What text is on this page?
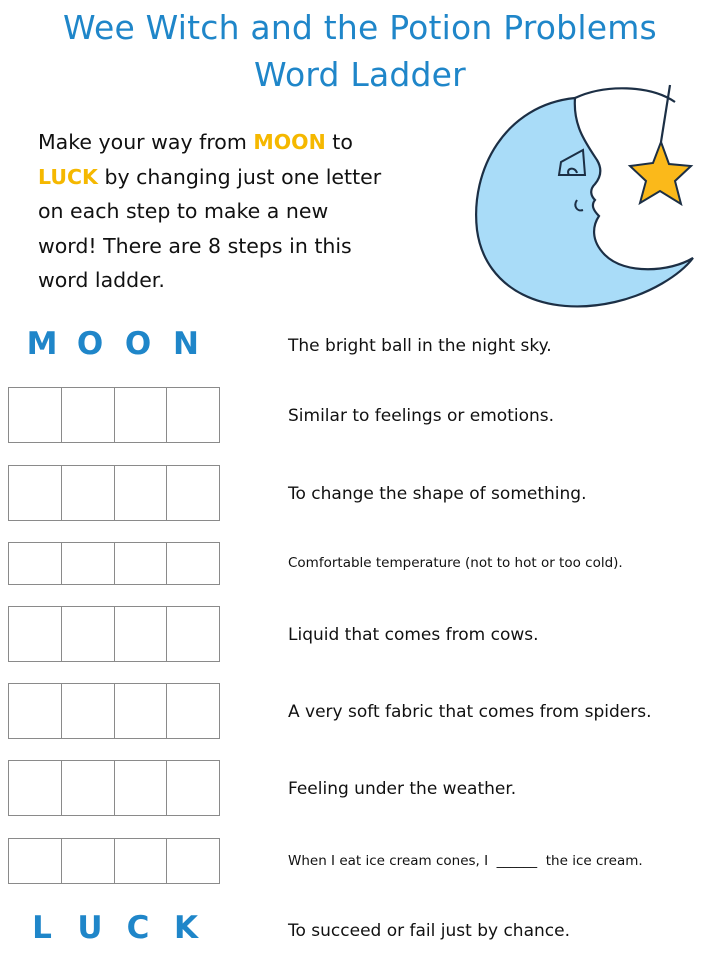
Wee Witch and the Potion Problems
Word Ladder
Make your way from MOON to LUCK by changing just one letter on each step to make a new word! There are 8 steps in this word ladder.
M O O N
L U C K
The bright ball in the night sky.
Similar to feelings or emotions.
To change the shape of something.
Comfortable temperature (not to hot or too cold).
Liquid that comes from cows.
A very soft fabric that comes from spiders.
Feeling under the weather.
When I eat ice cream cones, I  ______  the ice cream.
To succeed or fail just by chance.
